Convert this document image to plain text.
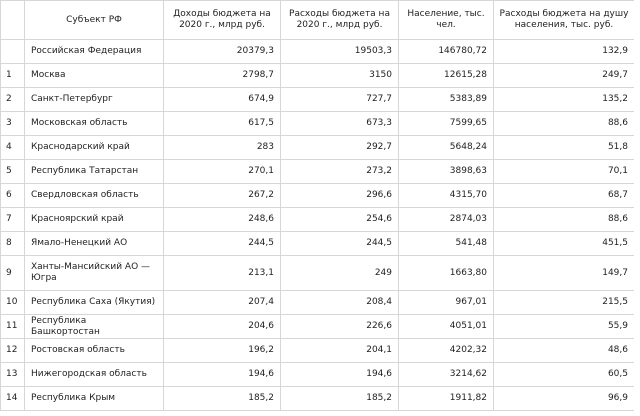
	Субъект РФ	Доходы бюджета на 2020 г., млрд руб.	Расходы бюджета на 2020 г., млрд руб.	Население, тыс. чел.	Расходы бюджета на душу населения, тыс. руб.
	Российская Федерация	20379,3	19503,3	146780,72	132,9
1	Москва	2798,7	3150	12615,28	249,7
2	Санкт-Петербург	674,9	727,7	5383,89	135,2
3	Московская область	617,5	673,3	7599,65	88,6
4	Краснодарский край	283	292,7	5648,24	51,8
5	Республика Татарстан	270,1	273,2	3898,63	70,1
6	Свердловская область	267,2	296,6	4315,70	68,7
7	Красноярский край	248,6	254,6	2874,03	88,6
8	Ямало-Ненецкий АО	244,5	244,5	541,48	451,5
9	Ханты-Мансийский АО — Югра	213,1	249	1663,80	149,7
10	Республика Саха (Якутия)	207,4	208,4	967,01	215,5
11	Республика Башкортостан	204,6	226,6	4051,01	55,9
12	Ростовская область	196,2	204,1	4202,32	48,6
13	Нижегородская область	194,6	194,6	3214,62	60,5
14	Республика Крым	185,2	185,2	1911,82	96,9
